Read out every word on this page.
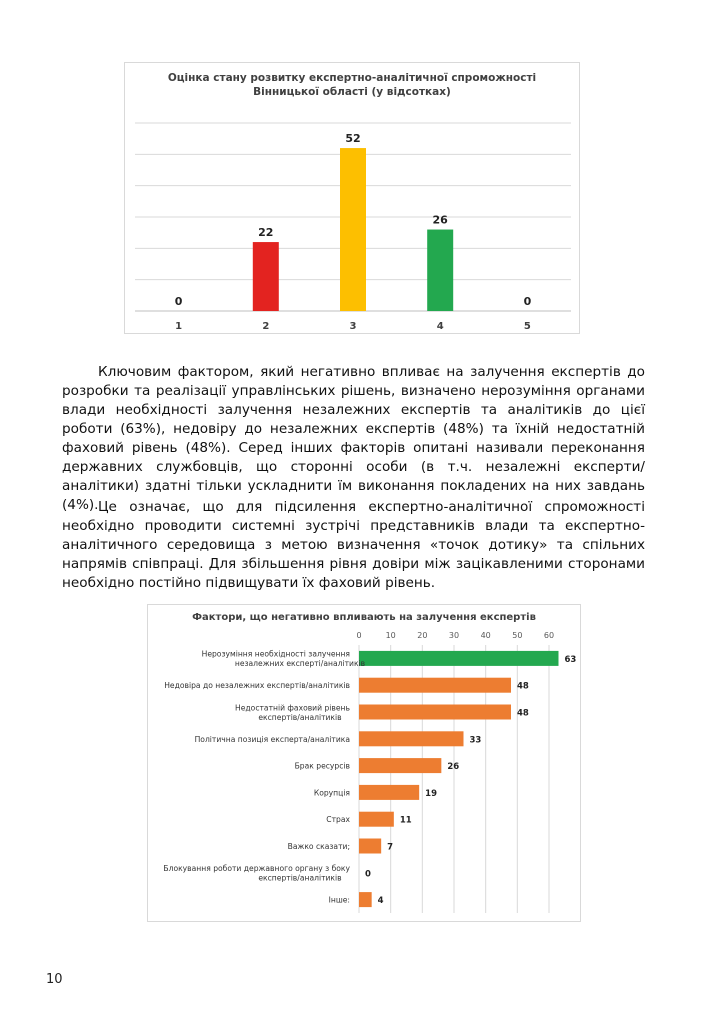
Оцінка стану розвитку експертно-аналітичної спроможності
Вінницької області (у відсотках)
0
1
22
2
52
3
26
4
0
5

Ключовим фактором, який негативно впливає на залучення експертів до розробки та реалізації управлінських рішень, визначено нерозуміння органами влади необхідності залучення незалежних експертів та аналітиків до цієї роботи (63%), недовіру до незалежних експертів (48%) та їхній недостатній фаховий рівень (48%). Серед інших факторів опитані називали переконання державних службовців, що сторонні особи (в т.ч. незалежні експерти/аналітики) здатні тільки ускладнити їм виконання покладених на них завдань (4%). Це означає, що для підсилення експертно-аналітичної спроможності необхідно проводити системні зустрічі представників влади та експертно-аналітичного середовища з метою визначення «точок дотику» та спільних напрямів співпраці. Для збільшення рівня довіри між зацікавленими сторонами необхідно постійно підвищувати їх фаховий рівень.

Фактори, що негативно впливають на залучення експертів
0	10	20	30	40	50	60
63
Нерозуміння необхідності залучення незалежних експерті/аналітиків
48
Недовіра до незалежних експертів/аналітиків
48
Недостатній фаховий рівень експертів/аналітиків
33
Політична позиція експерта/аналітика
26
Брак ресурсів
19
Корупція
11
Страх
7
Важко сказати;
0
Блокування роботи державного органу з боку експертів/аналітиків
4
Інше:
10
